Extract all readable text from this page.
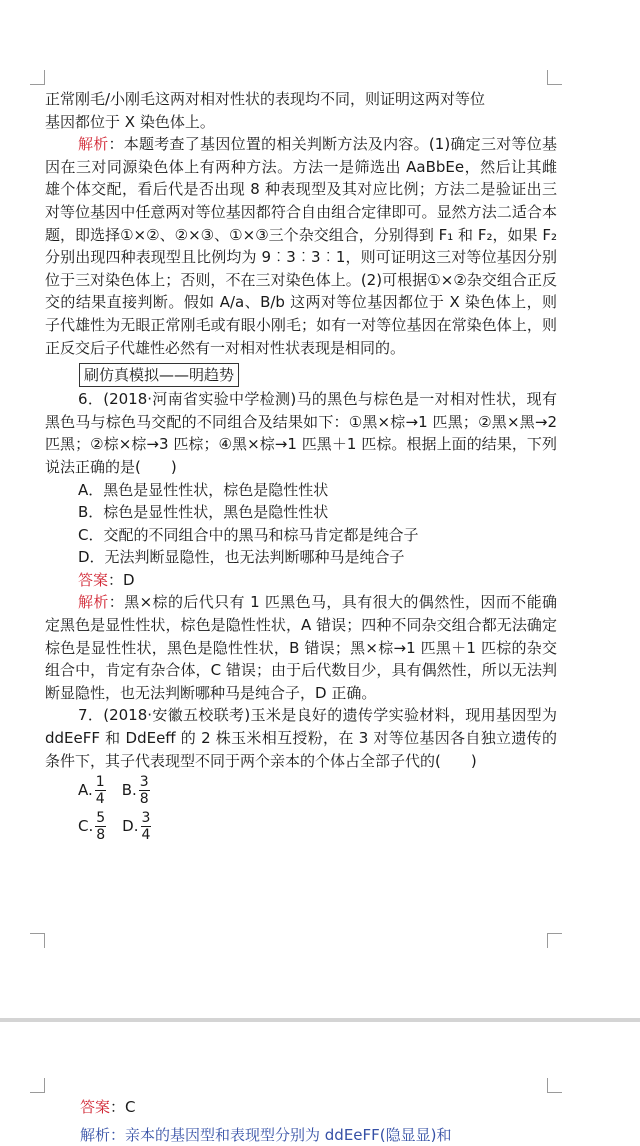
正常刚毛/小刚毛这两对相对性状的表现均不同，则证明这两对等位

基因都位于 X 染色体上。

解析：本题考查了基因位置的相关判断方法及内容。(1)确定三对等位基因在三对同源染色体上有两种方法。方法一是筛选出 AaBbEe，然后让其雌雄个体交配，看后代是否出现 8 种表现型及其对应比例；方法二是验证出三对等位基因中任意两对等位基因都符合自由组合定律即可。显然方法二适合本题，即选择①×②、②×③、①×③三个杂交组合，分别得到 F₁ 和 F₂，如果 F₂ 分别出现四种表现型且比例均为 9︰3︰3︰1，则可证明这三对等位基因分别位于三对染色体上；否则，不在三对染色体上。(2)可根据①×②杂交组合正反交的结果直接判断。假如 A/a、B/b 这两对等位基因都位于 X 染色体上，则子代雄性为无眼正常刚毛或有眼小刚毛；如有一对等位基因在常染色体上，则正反交后子代雄性必然有一对相对性状表现是相同的。

刷仿真模拟——明趋势

6．(2018·河南省实验中学检测)马的黑色与棕色是一对相对性状，现有黑色马与棕色马交配的不同组合及结果如下：①黑×棕→1 匹黑；②黑×黑→2 匹黑；②棕×棕→3 匹棕；④黑×棕→1 匹黑＋1 匹棕。根据上面的结果，下列说法正确的是(　　)

A．黑色是显性性状，棕色是隐性性状

B．棕色是显性性状，黑色是隐性性状

C．交配的不同组合中的黑马和棕马肯定都是纯合子

D．无法判断显隐性，也无法判断哪种马是纯合子

答案：D

解析：黑×棕的后代只有 1 匹黑色马，具有很大的偶然性，因而不能确定黑色是显性性状，棕色是隐性性状，A 错误；四种不同杂交组合都无法确定棕色是显性性状，黑色是隐性性状，B 错误；黑×棕→1 匹黑＋1 匹棕的杂交组合中，肯定有杂合体，C 错误；由于后代数目少，具有偶然性，所以无法判断显隐性，也无法判断哪种马是纯合子，D 正确。

7．(2018·安徽五校联考)玉米是良好的遗传学实验材料，现用基因型为 ddEeFF 和 DdEeff 的 2 株玉米相互授粉，在 3 对等位基因各自独立遗传的条件下，其子代表现型不同于两个亲本的个体占全部子代的(　　)

A. $\frac{1}{4} B$. $\frac{3}{8}$
C. $\frac{5}{8} D$. $\frac{3}{4}$
答案：C
解析：亲本的基因型和表现型分别为 ddEeFF(隐显显)和
